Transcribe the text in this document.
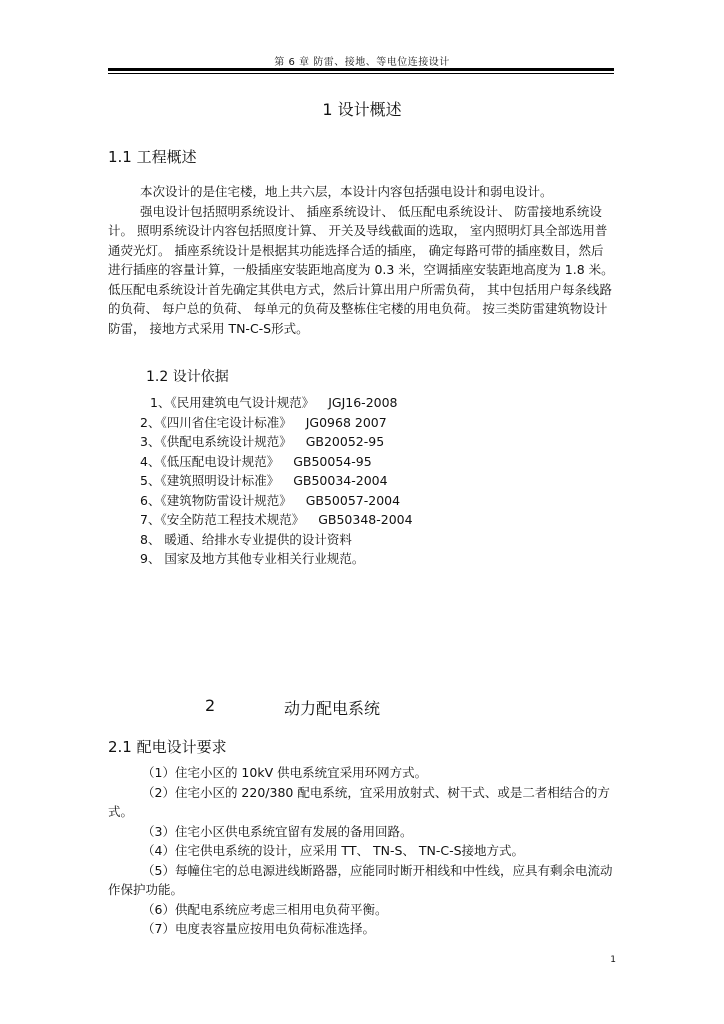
第 6 章 防雷、接地、等电位连接设计
1 设计概述
1.1 工程概述

本次设计的是住宅楼，地上共六层，本设计内容包括强电设计和弱电设计。

强电设计包括照明系统设计、 插座系统设计、 低压配电系统设计、 防雷接地系统设计。 照明系统设计内容包括照度计算、 开关及导线截面的选取， 室内照明灯具全部选用普通荧光灯。 插座系统设计是根据其功能选择合适的插座， 确定每路可带的插座数目，然后进行插座的容量计算，一般插座安装距地高度为 0.3 米，空调插座安装距地高度为 1.8 米。低压配电系统设计首先确定其供电方式，然后计算出用户所需负荷， 其中包括用户每条线路的负荷、 每户总的负荷、 每单元的负荷及整栋住宅楼的用电负荷。 按三类防雷建筑物设计防雷， 接地方式采用 TN-C-S形式。

1.2 设计依据
1、《民用建筑电气设计规范》 JGJ16-2008
2、《四川省住宅设计标准》 JG0968 2007
3、《供配电系统设计规范》 GB20052-95
4、《低压配电设计规范》 GB50054-95
5、《建筑照明设计标准》 GB50034-2004
6、《建筑物防雷设计规范》 GB50057-2004
7、《安全防范工程技术规范》 GB50348-2004
8、 暖通、给排水专业提供的设计资料
9、 国家及地方其他专业相关行业规范。
2	动力配电系统
2.1 配电设计要求

（1）住宅小区的 10kV 供电系统宜采用环网方式。

（2）住宅小区的 220/380 配电系统，宜采用放射式、树干式、或是二者相结合的方式。

（3）住宅小区供电系统宜留有发展的备用回路。

（4）住宅供电系统的设计，应采用 TT、 TN-S、 TN-C-S接地方式。

（5）每幢住宅的总电源进线断路器，应能同时断开相线和中性线，应具有剩余电流动作保护功能。

（6）供配电系统应考虑三相用电负荷平衡。

（7）电度表容量应按用电负荷标准选择。

1
